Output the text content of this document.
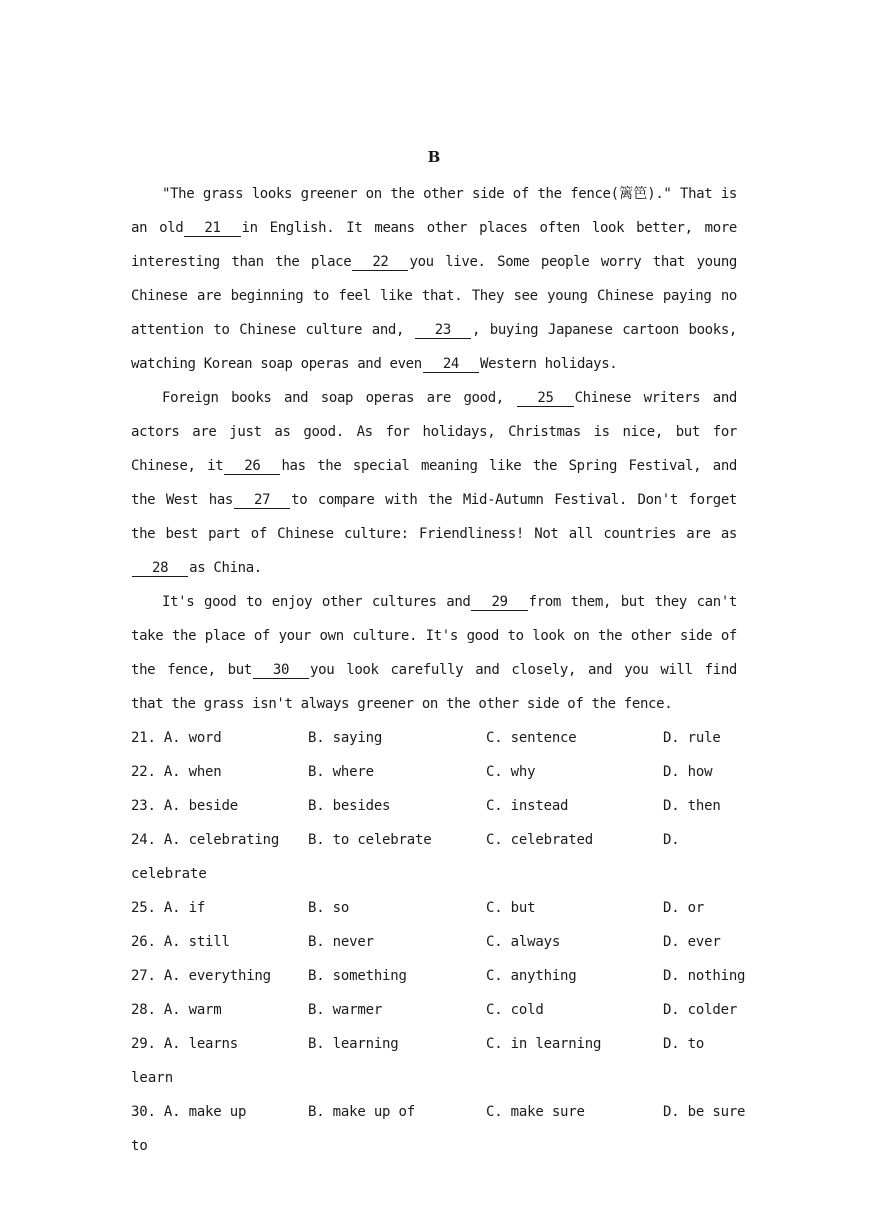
B
"The grass looks greener on the other side of the fence(篱笆)." That is an old 21 in English. It means other places often look better, more interesting than the place 22 you live. Some people worry that young Chinese are beginning to feel like that. They see young Chinese paying no attention to Chinese culture and, 23 , buying Japanese cartoon books, watching Korean soap operas and even 24 Western holidays.
Foreign books and soap operas are good, 25 Chinese writers and actors are just as good. As for holidays, Christmas is nice, but for Chinese, it 26 has the special meaning like the Spring Festival, and the West has 27 to compare with the Mid-Autumn Festival. Don't forget the best part of Chinese culture: Friendliness! Not all countries are as28 as China.
It's good to enjoy other cultures and 29 from them, but they can't take the place of your own culture. It's good to look on the other side of the fence, but 30 you look carefully and closely, and you will find that the grass isn't always greener on the other side of the fence.
21. A. word	B. saying	C. sentence	D. rule
22. A. when	B. where	C. why	D. how
23. A. beside	B. besides	C. instead	D. then
24. A. celebrating	B. to celebrate	C. celebrated	D.
celebrate
25. A. if	B. so	C. but	D. or
26. A. still	B. never	C. always	D. ever
27. A. everything	B. something	C. anything	D. nothing
28. A. warm	B. warmer	C. cold	D. colder
29. A. learns	B. learning	C. in learning	D. to
learn
30. A. make up	B. make up of	C. make sure	D. be sure
to
